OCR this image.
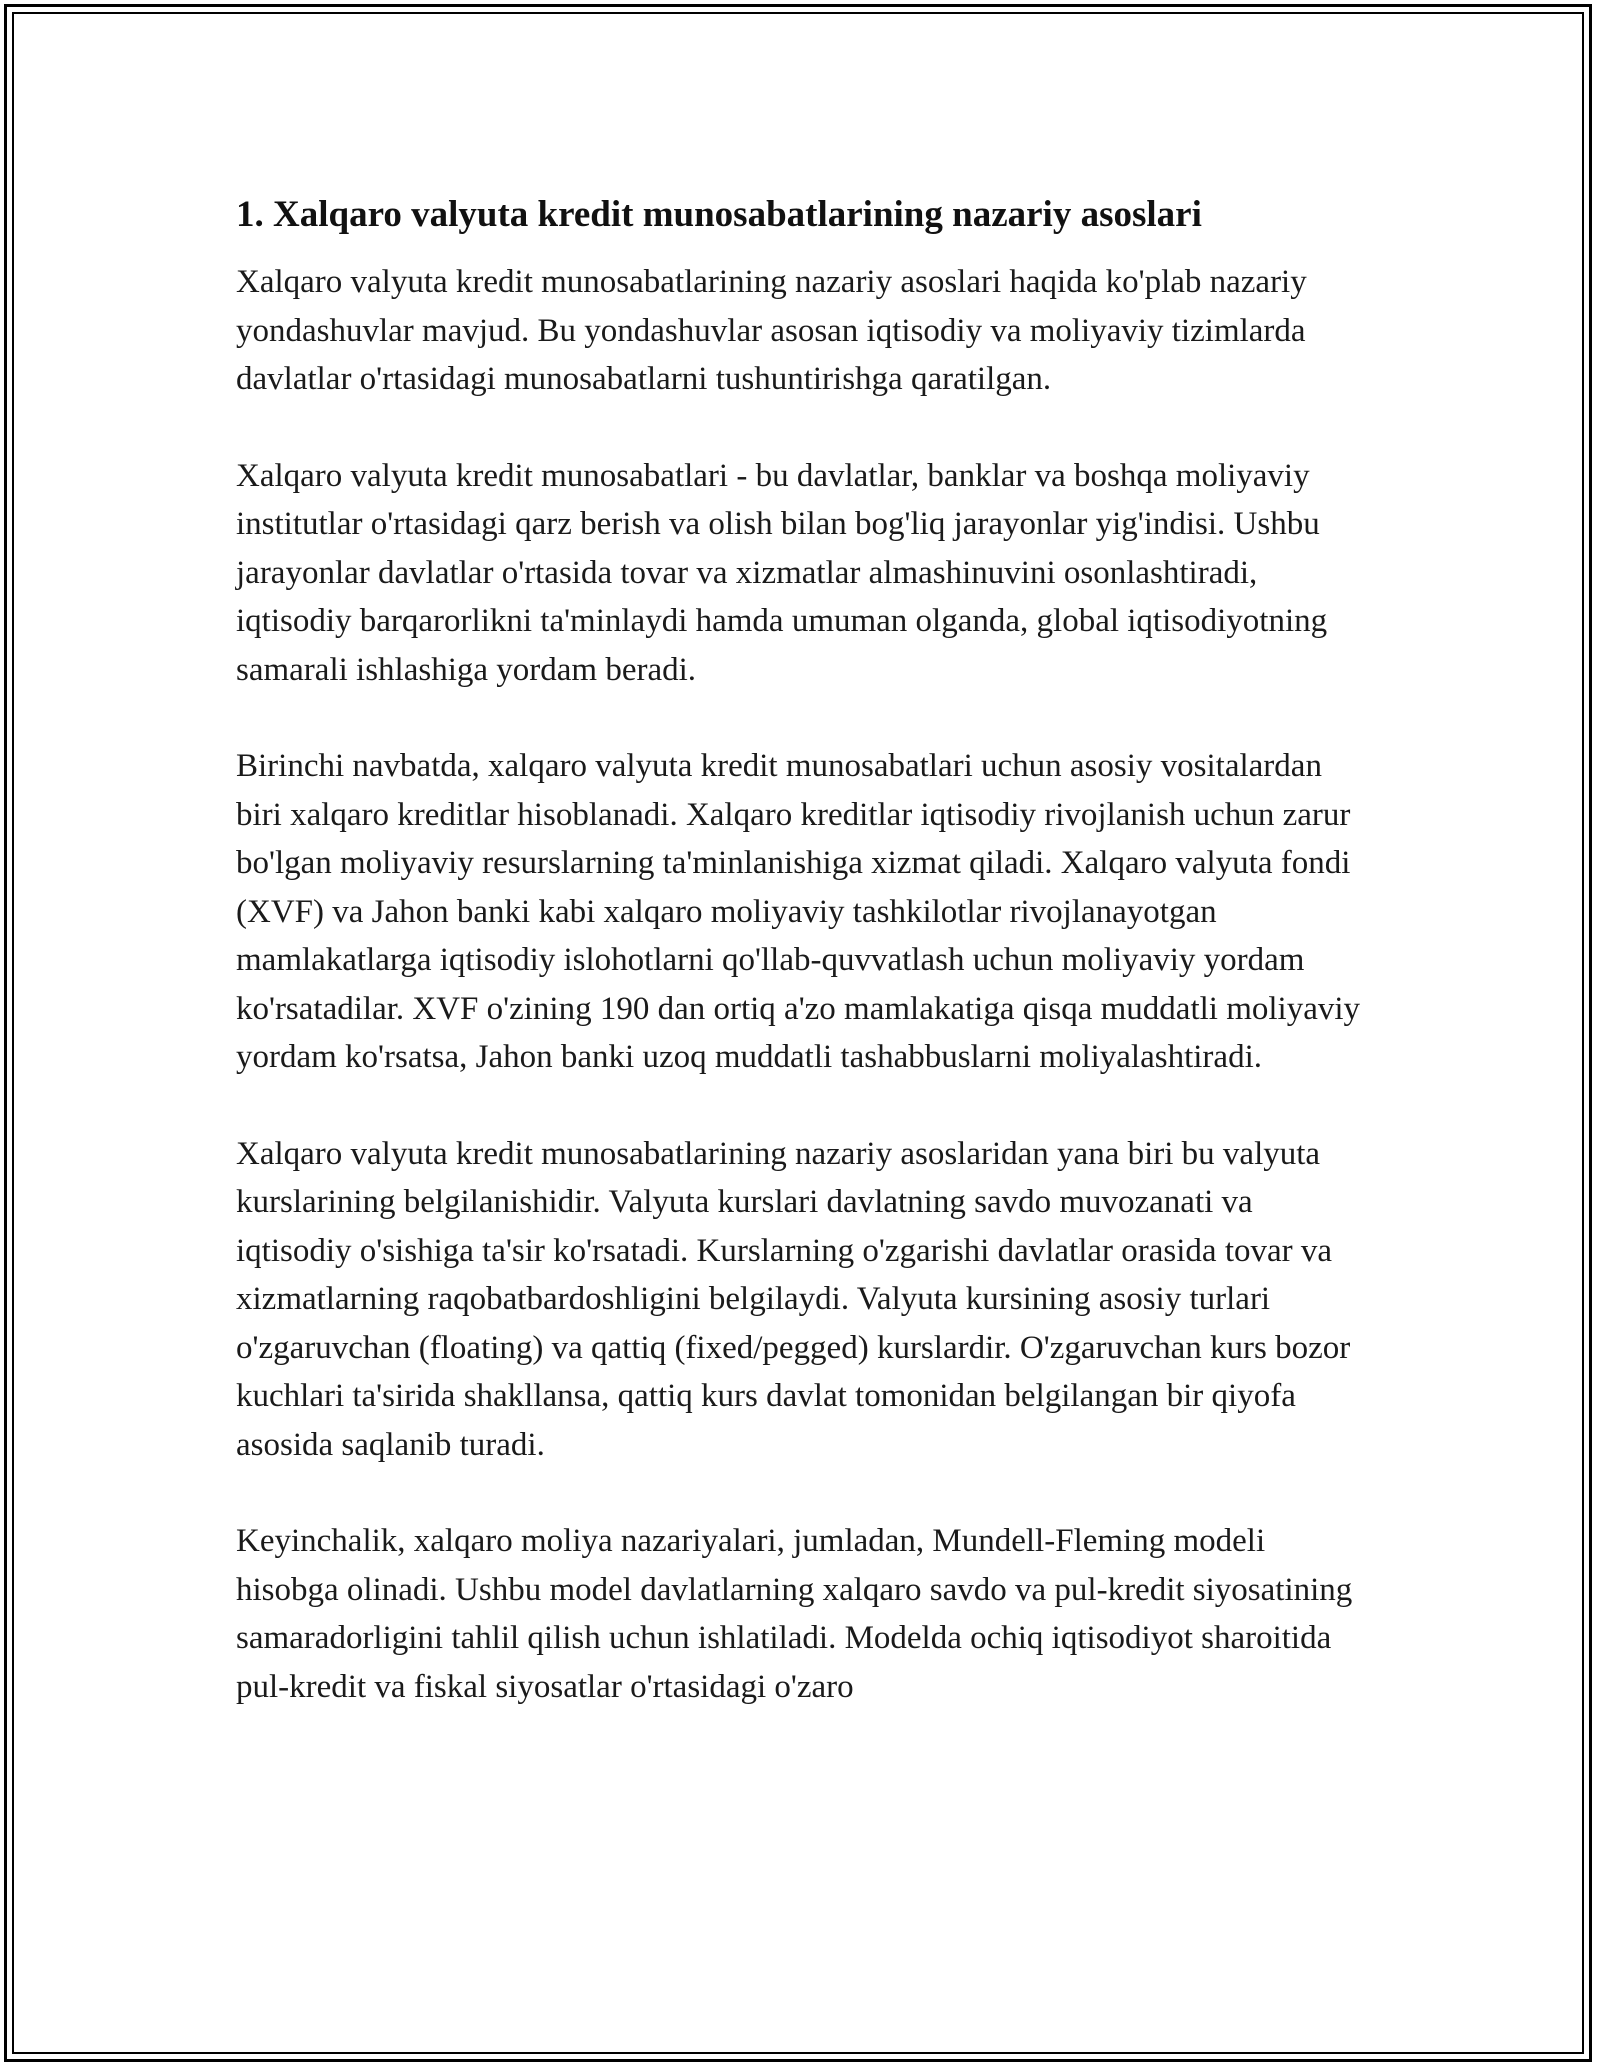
1. Xalqaro valyuta kredit munosabatlarining nazariy asoslari

Xalqaro valyuta kredit munosabatlarining nazariy asoslari haqida ko'plab nazariy yondashuvlar mavjud. Bu yondashuvlar asosan iqtisodiy va moliyaviy tizimlarda davlatlar o'rtasidagi munosabatlarni tushuntirishga qaratilgan.

Xalqaro valyuta kredit munosabatlari - bu davlatlar, banklar va boshqa moliyaviy institutlar o'rtasidagi qarz berish va olish bilan bog'liq jarayonlar yig'indisi. Ushbu jarayonlar davlatlar o'rtasida tovar va xizmatlar almashinuvini osonlashtiradi, iqtisodiy barqarorlikni ta'minlaydi hamda umuman olganda, global iqtisodiyotning samarali ishlashiga yordam beradi.

Birinchi navbatda, xalqaro valyuta kredit munosabatlari uchun asosiy vositalardan biri xalqaro kreditlar hisoblanadi. Xalqaro kreditlar iqtisodiy rivojlanish uchun zarur bo'lgan moliyaviy resurslarning ta'minlanishiga xizmat qiladi. Xalqaro valyuta fondi (XVF) va Jahon banki kabi xalqaro moliyaviy tashkilotlar rivojlanayotgan mamlakatlarga iqtisodiy islohotlarni qo'llab-quvvatlash uchun moliyaviy yordam ko'rsatadilar. XVF o'zining 190 dan ortiq a'zo mamlakatiga qisqa muddatli moliyaviy yordam ko'rsatsa, Jahon banki uzoq muddatli tashabbuslarni moliyalashtiradi.

Xalqaro valyuta kredit munosabatlarining nazariy asoslaridan yana biri bu valyuta kurslarining belgilanishidir. Valyuta kurslari davlatning savdo muvozanati va iqtisodiy o'sishiga ta'sir ko'rsatadi. Kurslarning o'zgarishi davlatlar orasida tovar va xizmatlarning raqobatbardoshligini belgilaydi. Valyuta kursining asosiy turlari o'zgaruvchan (floating) va qattiq (fixed/pegged) kurslardir. O'zgaruvchan kurs bozor kuchlari ta'sirida shakllansa, qattiq kurs davlat tomonidan belgilangan bir qiyofa asosida saqlanib turadi.

Keyinchalik, xalqaro moliya nazariyalari, jumladan, Mundell-Fleming modeli hisobga olinadi. Ushbu model davlatlarning xalqaro savdo va pul-kredit siyosatining samaradorligini tahlil qilish uchun ishlatiladi. Modelda ochiq iqtisodiyot sharoitida pul-kredit va fiskal siyosatlar o'rtasidagi o'zaro
